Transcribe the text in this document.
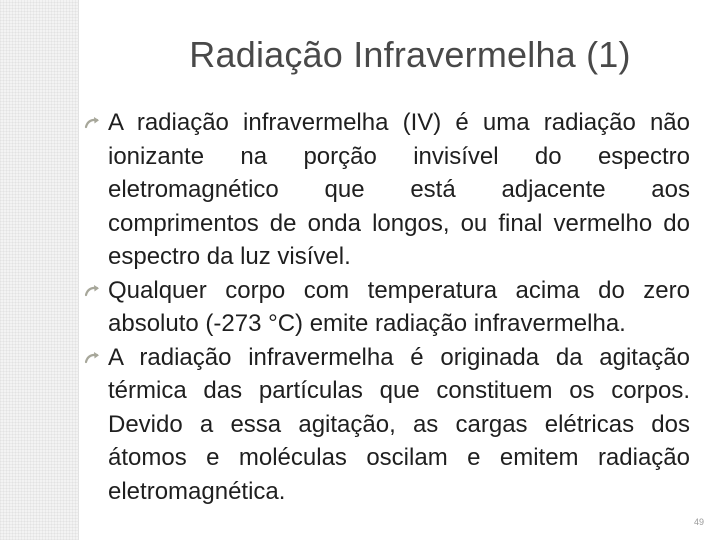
Radiação Infravermelha (1)
A radiação infravermelha (IV) é uma radiação não ionizante na porção invisível do espectro eletromagnético que está adjacente aos comprimentos de onda longos, ou final vermelho do espectro da luz visível.
Qualquer corpo com temperatura acima do zero absoluto (-273 °C) emite radiação infravermelha.
A radiação infravermelha é originada da agitação térmica das partículas que constituem os corpos. Devido a essa agitação, as cargas elétricas dos átomos e moléculas oscilam e emitem radiação eletromagnética.
49
